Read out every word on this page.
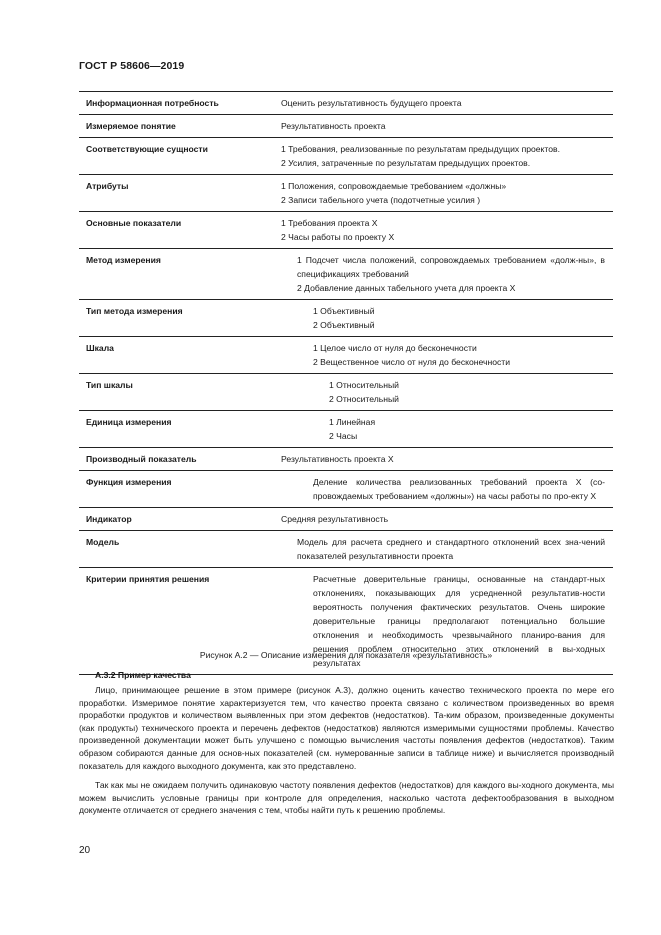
ГОСТ Р 58606—2019
Информационная потребность	Оценить результативность будущего проекта

Измеряемое понятие	Результативность проекта

Соответствующие сущности	1 Требования, реализованные по результатам предыдущих проектов.
2 Усилия, затраченные по результатам предыдущих проектов.

Атрибуты	1 Положения, сопровождаемые требованием «должны»
2 Записи табельного учета (подотчетные усилия )

Основные показатели	1 Требования проекта X
2 Часы работы по проекту X

Метод измерения	1 Подсчет числа положений, сопровождаемых требованием «долж-ны», в спецификациях требований
2 Добавление данных табельного учета для проекта X

Тип метода измерения	1 Объективный
2 Объективный

Шкала	1 Целое число от нуля до бесконечности
2 Вещественное число от нуля до бесконечности

Тип шкалы	1 Относительный
2 Относительный

Единица измерения	1 Линейная
2 Часы

Производный показатель	Результативность проекта X

Функция измерения	Деление количества реализованных требований проекта X (со-провождаемых требованием «должны») на часы работы по про-екту X

Индикатор	Средняя результативность

Модель	Модель для расчета среднего и стандартного отклонений всех зна-чений показателей результативности проекта

Критерии принятия решения	Расчетные доверительные границы, основанные на стандарт-ных отклонениях, показывающих для усредненной результатив-ности вероятность получения фактических результатов. Очень широкие доверительные границы предполагают потенциально большие отклонения и необходимость чрезвычайного планиро-вания для решения проблем относительно этих отклонений в вы-ходных результатах
Рисунок А.2 — Описание измерения для показателя «результативность»
А.3.2 Пример качества

Лицо, принимающее решение в этом примере (рисунок А.3), должно оценить качество технического проекта по мере его проработки. Измеримое понятие характеризуется тем, что качество проекта связано с количеством произведенных во время проработки продуктов и количеством выявленных при этом дефектов (недостатков). Та-ким образом, произведенные документы (как продукты) технического проекта и перечень дефектов (недостатков) являются измеримыми сущностями проблемы. Качество произведенной документации может быть улучшено с помощью вычисления частоты появления дефектов (недостатков). Таким образом собираются данные для основ-ных показателей (см. нумерованные записи в таблице ниже) и вычисляется производный показатель для каждого выходного документа, как это представлено.

Так как мы не ожидаем получить одинаковую частоту появления дефектов (недостатков) для каждого вы-ходного документа, мы можем вычислить условные границы при контроле для определения, насколько частота дефектообразования в выходном документе отличается от среднего значения с тем, чтобы найти путь к решению проблемы.

20
